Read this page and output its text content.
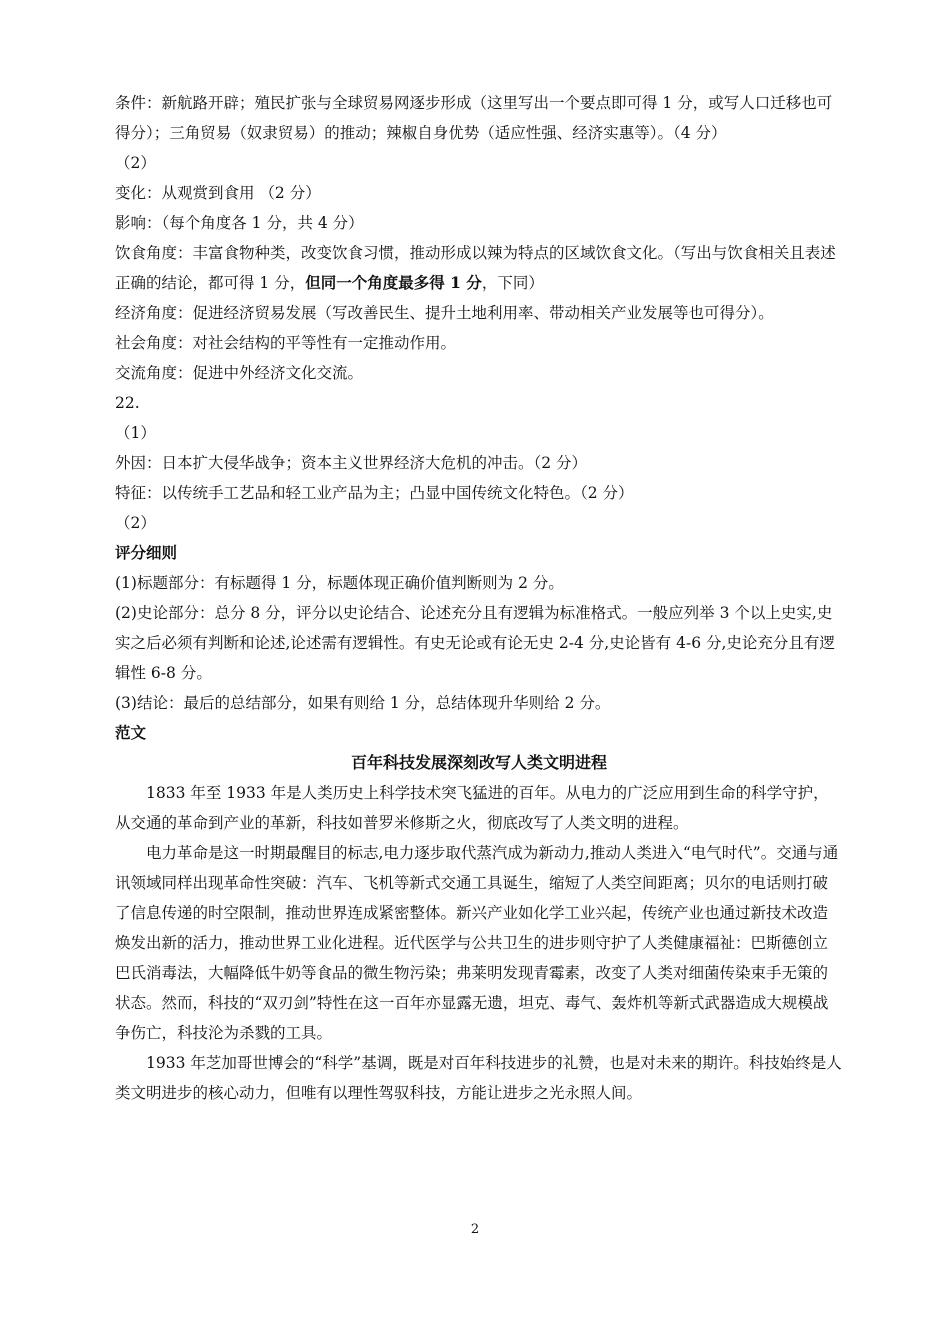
条件：新航路开辟；殖民扩张与全球贸易网逐步形成（这里写出一个要点即可得 1 分，或写人口迁移也可得分）；三角贸易（奴隶贸易）的推动；辣椒自身优势（适应性强、经济实惠等）。（4 分）

（2）

变化：从观赏到食用 （2 分）

影响：（每个角度各 1 分，共 4 分）

饮食角度：丰富食物种类，改变饮食习惯，推动形成以辣为特点的区域饮食文化。（写出与饮食相关且表述正确的结论，都可得 1 分，但同一个角度最多得 1 分，下同）

经济角度：促进经济贸易发展（写改善民生、提升土地利用率、带动相关产业发展等也可得分）。

社会角度：对社会结构的平等性有一定推动作用。

交流角度：促进中外经济文化交流。

22.

（1）

外因：日本扩大侵华战争；资本主义世界经济大危机的冲击。（2 分）

特征：以传统手工艺品和轻工业产品为主；凸显中国传统文化特色。（2 分）

（2）

评分细则

(1)标题部分：有标题得 1 分，标题体现正确价值判断则为 2 分。

(2)史论部分：总分 8 分，评分以史论结合、论述充分且有逻辑为标准格式。一般应列举 3 个以上史实,史实之后必须有判断和论述,论述需有逻辑性。有史无论或有论无史 2-4 分,史论皆有 4-6 分,史论充分且有逻辑性 6-8 分。

(3)结论：最后的总结部分，如果有则给 1 分，总结体现升华则给 2 分。

范文

百年科技发展深刻改写人类文明进程

1833 年至 1933 年是人类历史上科学技术突飞猛进的百年。从电力的广泛应用到生命的科学守护，从交通的革命到产业的革新，科技如普罗米修斯之火，彻底改写了人类文明的进程。

电力革命是这一时期最醒目的标志,电力逐步取代蒸汽成为新动力,推动人类进入“电气时代”。交通与通讯领域同样出现革命性突破：汽车、飞机等新式交通工具诞生，缩短了人类空间距离；贝尔的电话则打破了信息传递的时空限制，推动世界连成紧密整体。新兴产业如化学工业兴起，传统产业也通过新技术改造焕发出新的活力，推动世界工业化进程。近代医学与公共卫生的进步则守护了人类健康福祉：巴斯德创立巴氏消毒法，大幅降低牛奶等食品的微生物污染；弗莱明发现青霉素，改变了人类对细菌传染束手无策的状态。然而，科技的“双刃剑”特性在这一百年亦显露无遗，坦克、毒气、轰炸机等新式武器造成大规模战争伤亡，科技沦为杀戮的工具。

1933 年芝加哥世博会的“科学”基调，既是对百年科技进步的礼赞，也是对未来的期许。科技始终是人类文明进步的核心动力，但唯有以理性驾驭科技，方能让进步之光永照人间。

2
